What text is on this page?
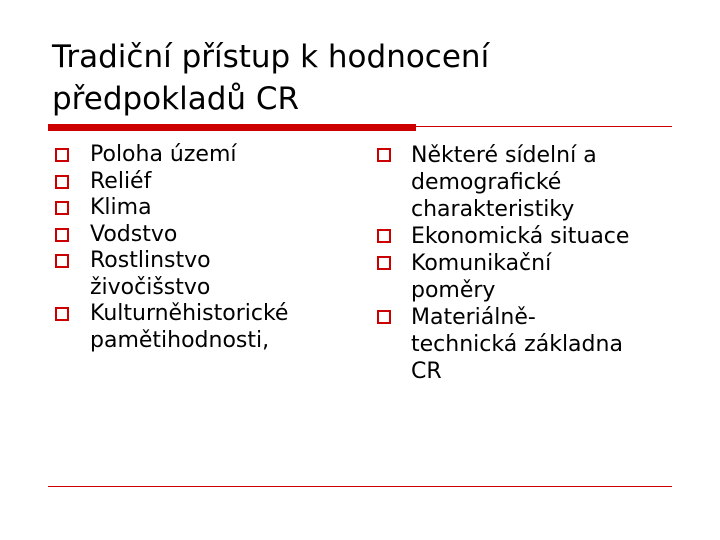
Tradiční přístup k hodnocení
předpokladů CR
Poloha území
Reliéf
Klima
Vodstvo
Rostlinstvo
živočišstvo
Kulturněhistorické
pamětihodnosti,
Některé sídelní a
demografické
charakteristiky
Ekonomická situace
Komunikační
poměry
Materiálně-
technická základna
CR
